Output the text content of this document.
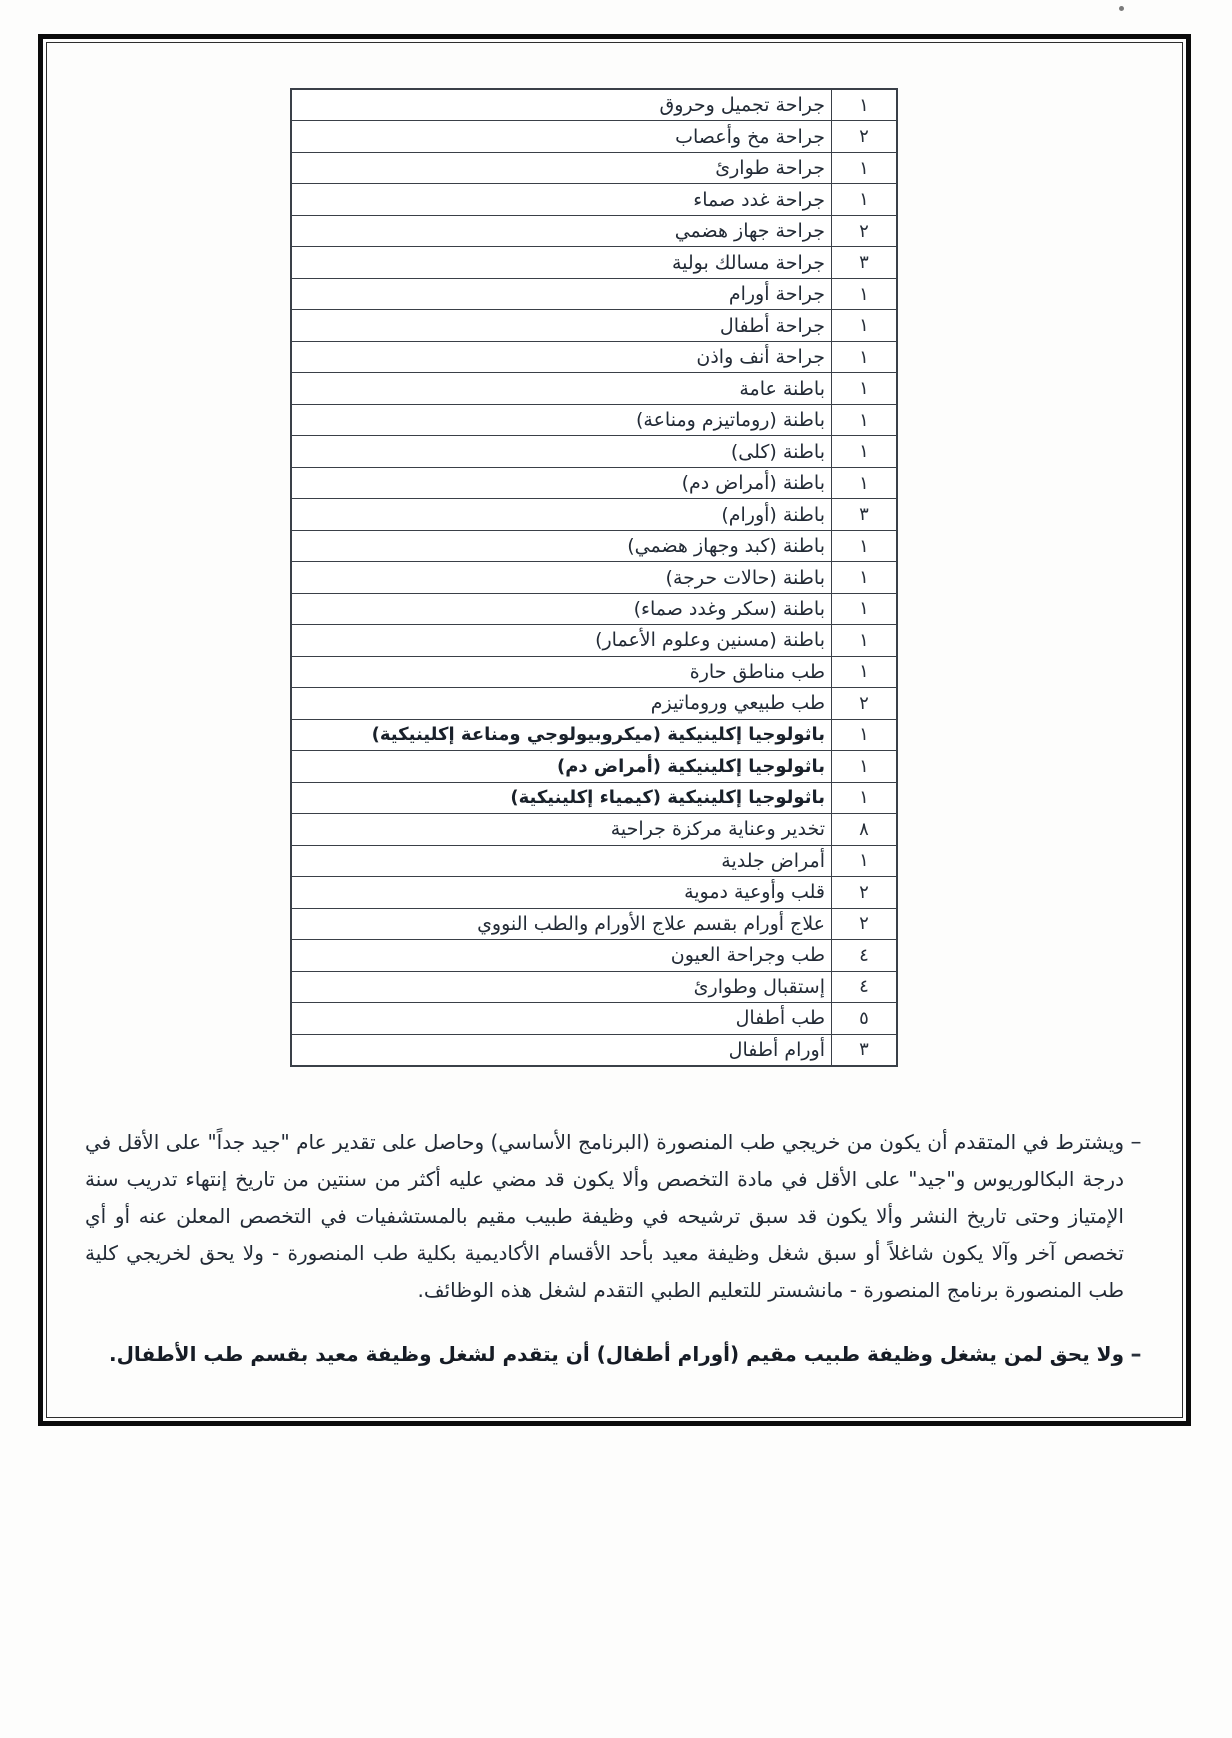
١
جراحة تجميل وحروق
٢
جراحة مخ وأعصاب
١
جراحة طوارئ
١
جراحة غدد صماء
٢
جراحة جهاز هضمي
٣
جراحة مسالك بولية
١
جراحة أورام
١
جراحة أطفال
١
جراحة أنف واذن
١
باطنة عامة
١
باطنة (روماتيزم ومناعة)
١
باطنة (كلى)
١
باطنة (أمراض دم)
٣
باطنة (أورام)
١
باطنة (كبد وجهاز هضمي)
١
باطنة (حالات حرجة)
١
باطنة (سكر وغدد صماء)
١
باطنة (مسنين وعلوم الأعمار)
١
طب مناطق حارة
٢
طب طبيعي وروماتيزم
١
باثولوجيا إكلينيكية (ميكروبيولوجي ومناعة إكلينيكية)
١
باثولوجيا إكلينيكية (أمراض دم)
١
باثولوجيا إكلينيكية (كيمياء إكلينيكية)
٨
تخدير وعناية مركزة جراحية
١
أمراض جلدية
٢
قلب وأوعية دموية
٢
علاج أورام بقسم علاج الأورام والطب النووي
٤
طب وجراحة العيون
٤
إستقبال وطوارئ
٥
طب أطفال
٣
أورام أطفال
–
ويشترط في المتقدم أن يكون من خريجي طب المنصورة (البرنامج الأساسي) وحاصل على تقدير عام "جيد جداً" على الأقل في
درجة البكالوريوس و"جيد" على الأقل في مادة التخصص وألا يكون قد مضي عليه أكثر من سنتين من تاريخ إنتهاء تدريب سنة
الإمتياز وحتى تاريخ النشر وألا يكون قد سبق ترشيحه في وظيفة طبيب مقيم بالمستشفيات في التخصص المعلن عنه أو أي
تخصص آخر وآلا يكون شاغلاً أو سبق شغل وظيفة معيد بأحد الأقسام الأكاديمية بكلية طب المنصورة - ولا يحق لخريجي كلية
طب المنصورة برنامج المنصورة - مانشستر للتعليم الطبي التقدم لشغل هذه الوظائف.
–
ولا يحق لمن يشغل وظيفة طبيب مقيم (أورام أطفال) أن يتقدم لشغل وظيفة معيد بقسم طب الأطفال.
